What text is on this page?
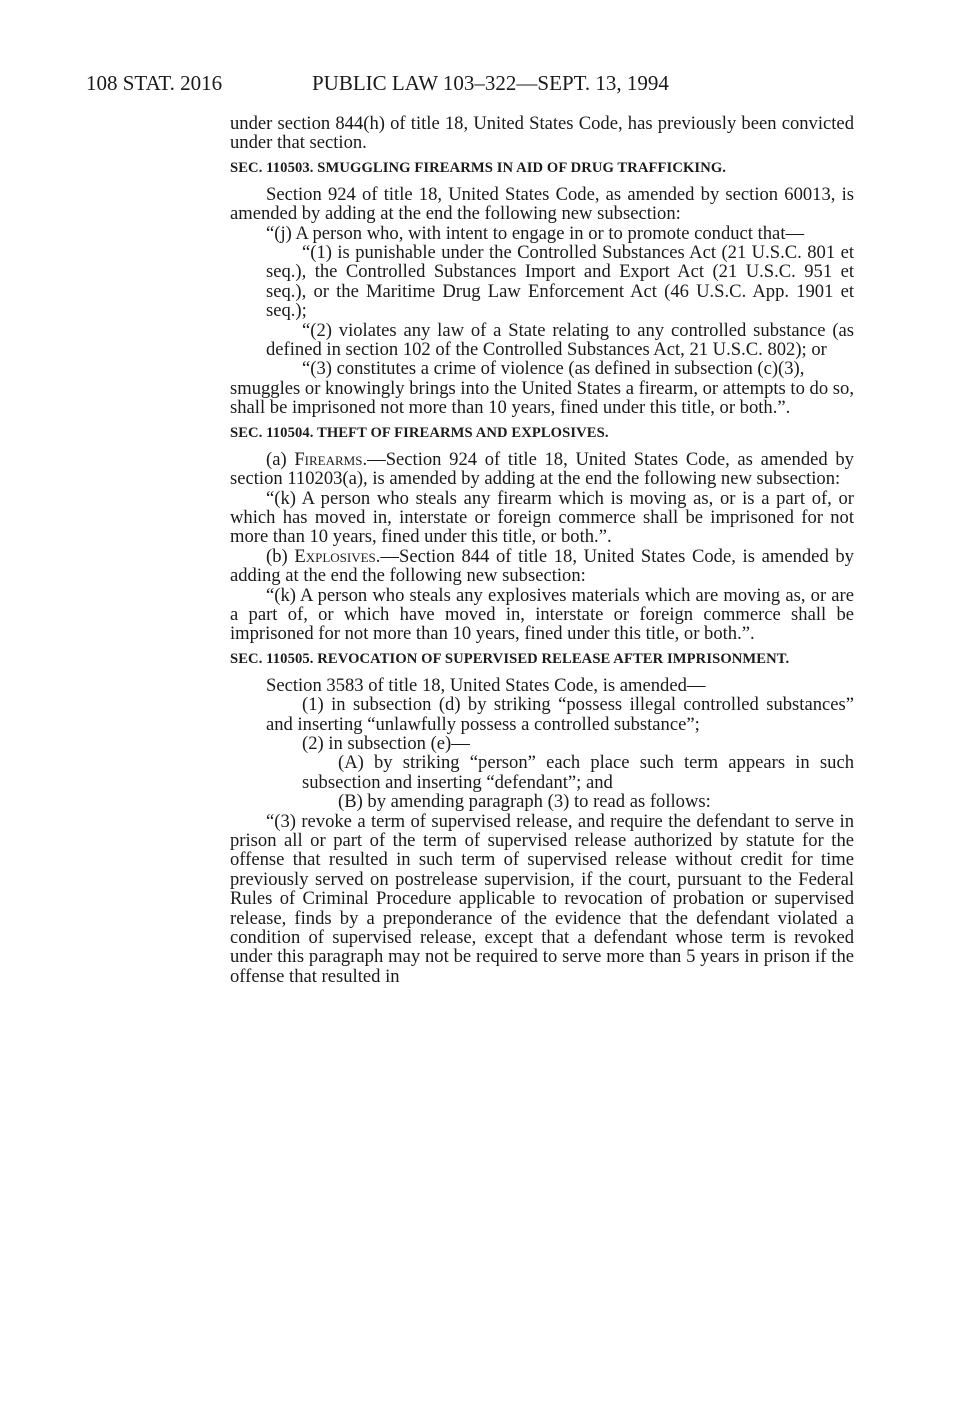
108 STAT. 2016	PUBLIC LAW 103–322—SEPT. 13, 1994

under section 844(h) of title 18, United States Code, has previously been convicted under that section.

SEC. 110503. SMUGGLING FIREARMS IN AID OF DRUG TRAFFICKING.

Section 924 of title 18, United States Code, as amended by section 60013, is amended by adding at the end the following new subsection:

“(j) A person who, with intent to engage in or to promote conduct that—

“(1) is punishable under the Controlled Substances Act (21 U.S.C. 801 et seq.), the Controlled Substances Import and Export Act (21 U.S.C. 951 et seq.), or the Maritime Drug Law Enforcement Act (46 U.S.C. App. 1901 et seq.);

“(2) violates any law of a State relating to any controlled substance (as defined in section 102 of the Controlled Substances Act, 21 U.S.C. 802); or

“(3) constitutes a crime of violence (as defined in subsection (c)(3),

smuggles or knowingly brings into the United States a firearm, or attempts to do so, shall be imprisoned not more than 10 years, fined under this title, or both.”.

SEC. 110504. THEFT OF FIREARMS AND EXPLOSIVES.

(a) Firearms.—Section 924 of title 18, United States Code, as amended by section 110203(a), is amended by adding at the end the following new subsection:

“(k) A person who steals any firearm which is moving as, or is a part of, or which has moved in, interstate or foreign commerce shall be imprisoned for not more than 10 years, fined under this title, or both.”.

(b) Explosives.—Section 844 of title 18, United States Code, is amended by adding at the end the following new subsection:

“(k) A person who steals any explosives materials which are moving as, or are a part of, or which have moved in, interstate or foreign commerce shall be imprisoned for not more than 10 years, fined under this title, or both.”.

SEC. 110505. REVOCATION OF SUPERVISED RELEASE AFTER IMPRISONMENT.

Section 3583 of title 18, United States Code, is amended—

(1) in subsection (d) by striking “possess illegal controlled substances” and inserting “unlawfully possess a controlled substance”;

(2) in subsection (e)—

(A) by striking “person” each place such term appears in such subsection and inserting “defendant”; and

(B) by amending paragraph (3) to read as follows:

“(3) revoke a term of supervised release, and require the defendant to serve in prison all or part of the term of supervised release authorized by statute for the offense that resulted in such term of supervised release without credit for time previously served on postrelease supervision, if the court, pursuant to the Federal Rules of Criminal Procedure applicable to revocation of probation or supervised release, finds by a preponderance of the evidence that the defendant violated a condition of supervised release, except that a defendant whose term is revoked under this paragraph may not be required to serve more than 5 years in prison if the offense that resulted in
